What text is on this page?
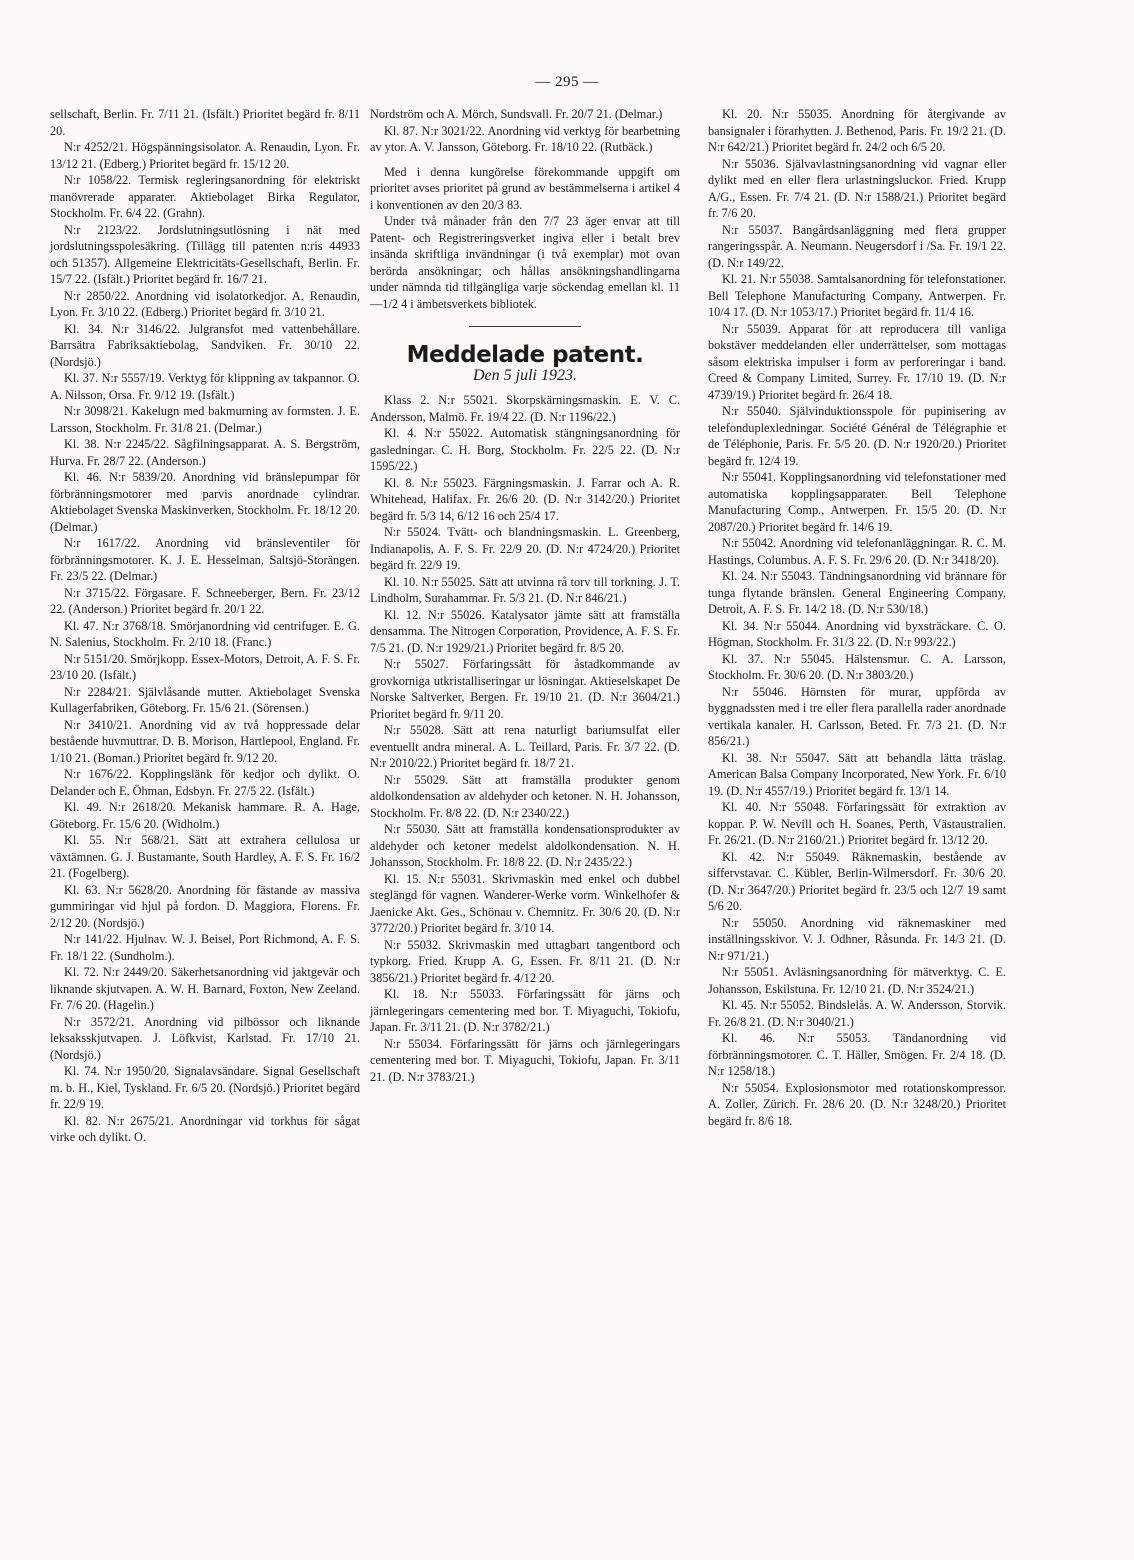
— 295 —

sellschaft, Berlin. Fr. 7/11 21. (Isfält.) Prioritet begärd fr. 8/11 20.

N:r 4252/21. Högspänningsisolator. A. Renaudin, Lyon. Fr. 13/12 21. (Edberg.) Prioritet begärd fr. 15/12 20.

N:r 1058/22. Termisk regleringsanordning för elektriskt manövrerade apparater. Aktiebolaget Birka Regulator, Stockholm. Fr. 6/4 22. (Grahn).

N:r 2123/22. Jordslutningsutlösning i nät med jordslutningsspolesäkring. (Tillägg till patenten n:ris 44933 och 51357). Allgemeine Elektricitäts-Gesellschaft, Berlin. Fr. 15/7 22. (Isfält.) Prioritet begärd fr. 16/7 21.

N:r 2850/22. Anordning vid isolatorkedjor. A. Renaudin, Lyon. Fr. 3/10 22. (Edberg.) Prioritet begärd fr. 3/10 21.

Kl. 34. N:r 3146/22. Julgransfot med vattenbehållare. Barrsätra Fabriksaktiebolag, Sandviken. Fr. 30/10 22. (Nordsjö.)

Kl. 37. N:r 5557/19. Verktyg för klippning av takpannor. O. A. Nilsson, Orsa. Fr. 9/12 19. (Isfält.)

N:r 3098/21. Kakelugn med bakmurning av formsten. J. E. Larsson, Stockholm. Fr. 31/8 21. (Delmar.)

Kl. 38. N:r 2245/22. Sågfilningsapparat. A. S. Bergström, Hurva. Fr. 28/7 22. (Anderson.)

Kl. 46. N:r 5839/20. Anordning vid bränslepumpar för förbränningsmotorer med parvis anordnade cylindrar. Aktiebolaget Svenska Maskinverken, Stockholm. Fr. 18/12 20. (Delmar.)

N:r 1617/22. Anordning vid bränsleventiler för förbränningsmotorer. K. J. E. Hesselman, Saltsjö-Storängen. Fr. 23/5 22. (Delmar.)

N:r 3715/22. Förgasare. F. Schneeberger, Bern. Fr. 23/12 22. (Anderson.) Prioritet begärd fr. 20/1 22.

Kl. 47. N:r 3768/18. Smörjanordning vid centrifuger. E. G. N. Salenius, Stockholm. Fr. 2/10 18. (Franc.)

N:r 5151/20. Smörjkopp. Essex-Motors, Detroit, A. F. S. Fr. 23/10 20. (Isfält.)

N:r 2284/21. Självlåsande mutter. Aktiebolaget Svenska Kullagerfabriken, Göteborg. Fr. 15/6 21. (Sörensen.)

N:r 3410/21. Anordning vid av två hoppressade delar bestående huvmuttrar. D. B. Morison, Hartlepool, England. Fr. 1/10 21. (Boman.) Prioritet begärd fr. 9/12 20.

N:r 1676/22. Kopplingslänk för kedjor och dylikt. O. Delander och E. Öhman, Edsbyn. Fr. 27/5 22. (Isfält.)

Kl. 49. N:r 2618/20. Mekanisk hammare. R. A. Hage, Göteborg. Fr. 15/6 20. (Widholm.)

Kl. 55. N:r 568/21. Sätt att extrahera cellulosa ur växtämnen. G. J. Bustamante, South Hardley, A. F. S. Fr. 16/2 21. (Fogelberg).

Kl. 63. N:r 5628/20. Anordning för fästande av massiva gummiringar vid hjul på fordon. D. Maggiora, Florens. Fr. 2/12 20. (Nordsjö.)

N:r 141/22. Hjulnav. W. J. Beisel, Port Richmond, A. F. S. Fr. 18/1 22. (Sundholm.).

Kl. 72. N:r 2449/20. Säkerhetsanordning vid jaktgevär och liknande skjutvapen. A. W. H. Barnard, Foxton, New Zeeland. Fr. 7/6 20. (Hagelin.)

N:r 3572/21. Anordning vid pilbössor och liknande leksaksskjutvapen. J. Löfkvist, Karlstad. Fr. 17/10 21. (Nordsjö.)

Kl. 74. N:r 1950/20. Signalavsändare. Signal Gesellschaft m. b. H., Kiel, Tyskland. Fr. 6/5 20. (Nordsjö.) Prioritet begärd fr. 22/9 19.

Kl. 82. N:r 2675/21. Anordningar vid torkhus för sågat virke och dylikt. O.

Nordström och A. Mörch, Sundsvall. Fr. 20/7 21. (Delmar.)

Kl. 87. N:r 3021/22. Anordning vid verktyg för bearbetning av ytor. A. V. Jansson, Göteborg. Fr. 18/10 22. (Rutbäck.)

Med i denna kungörelse förekommande uppgift om prioritet avses prioritet på grund av bestämmelserna i artikel 4 i konventionen av den 20/3 83.

Under två månader från den 7/7 23 äger envar att till Patent- och Registreringsverket ingiva eller i betalt brev insända skriftliga invändningar (i två exemplar) mot ovan berörda ansökningar; och hållas ansökningshandlingarna under nämnda tid tillgängliga varje söckendag emellan kl. 11—1/2 4 i ämbetsverkets bibliotek.

Meddelade patent.
Den 5 juli 1923.

Klass 2. N:r 55021. Skorpskärningsmaskin. E. V. C. Andersson, Malmö. Fr. 19/4 22. (D. N:r 1196/22.)

Kl. 4. N:r 55022. Automatisk stängningsanordning för gasledningar. C. H. Borg, Stockholm. Fr. 22/5 22. (D. N:r 1595/22.)

Kl. 8. N:r 55023. Färgningsmaskin. J. Farrar och A. R. Whitehead, Halifax. Fr. 26/6 20. (D. N:r 3142/20.) Prioritet begärd fr. 5/3 14, 6/12 16 och 25/4 17.

N:r 55024. Tvätt- och blandningsmaskin. L. Greenberg, Indianapolis, A. F. S. Fr. 22/9 20. (D. N:r 4724/20.) Prioritet begärd fr. 22/9 19.

Kl. 10. N:r 55025. Sätt att utvinna rå torv till torkning. J. T. Lindholm, Surahammar. Fr. 5/3 21. (D. N:r 846/21.)

Kl. 12. N:r 55026. Katalysator jämte sätt att framställa densamma. The Nitrogen Corporation, Providence, A. F. S. Fr. 7/5 21. (D. N:r 1929/21.) Prioritet begärd fr. 8/5 20.

N:r 55027. Förfaringssätt för åstadkommande av grovkorniga utkristalliseringar ur lösningar. Aktieselskapet De Norske Saltverker, Bergen. Fr. 19/10 21. (D. N:r 3604/21.) Prioritet begärd fr. 9/11 20.

N:r 55028. Sätt att rena naturligt bariumsulfat eller eventuellt andra mineral. A. L. Teillard, Paris. Fr. 3/7 22. (D. N:r 2010/22.) Prioritet begärd fr. 18/7 21.

N:r 55029. Sätt att framställa produkter genom aldolkondensation av aldehyder och ketoner. N. H. Johansson, Stockholm. Fr. 8/8 22. (D. N:r 2340/22.)

N:r 55030. Sätt att framställa kondensationsprodukter av aldehyder och ketoner medelst aldolkondensation. N. H. Johansson, Stockholm. Fr. 18/8 22. (D. N:r 2435/22.)

Kl. 15. N:r 55031. Skrivmaskin med enkel och dubbel steglängd för vagnen. Wanderer-Werke vorm. Winkelhofer & Jaenicke Akt. Ges., Schönau v. Chemnitz. Fr. 30/6 20. (D. N:r 3772/20.) Prioritet begärd fr. 3/10 14.

N:r 55032. Skrivmaskin med uttagbart tangentbord och typkorg. Fried. Krupp A. G, Essen. Fr. 8/11 21. (D. N:r 3856/21.) Prioritet begärd fr. 4/12 20.

Kl. 18. N:r 55033. Förfaringssätt för järns och järnlegeringars cementering med bor. T. Miyaguchi, Tokiofu, Japan. Fr. 3/11 21. (D. N:r 3782/21.)

N:r 55034. Förfaringssätt för järns och järnlegeringars cementering med bor. T. Miyaguchi, Tokiofu, Japan. Fr. 3/11 21. (D. N:r 3783/21.)

Kl. 20. N:r 55035. Anordning för återgivande av bansignaler i förarhytten. J. Bethenod, Paris. Fr. 19/2 21. (D. N:r 642/21.) Prioritet begärd fr. 24/2 och 6/5 20.

N:r 55036. Självavlastningsanordning vid vagnar eller dylikt med en eller flera urlastningsluckor. Fried. Krupp A/G., Essen. Fr. 7/4 21. (D. N:r 1588/21.) Prioritet begärd fr. 7/6 20.

N:r 55037. Bangårdsanläggning med flera grupper rangeringsspår. A. Neumann. Neugersdorf i /Sa. Fr. 19/1 22. (D. N:r 149/22.

Kl. 21. N:r 55038. Samtalsanordning för telefonstationer. Bell Telephone Manufacturing Company, Antwerpen. Fr. 10/4 17. (D. N:r 1053/17.) Prioritet begärd fr. 11/4 16.

N:r 55039. Apparat för att reproducera till vanliga bokstäver meddelanden eller underrättelser, som mottagas såsom elektriska impulser i form av perforeringar i band. Creed & Company Limited, Surrey. Fr. 17/10 19. (D. N:r 4739/19.) Prioritet begärd fr. 26/4 18.

N:r 55040. Självinduktionsspole för pupinisering av telefonduplexledningar. Société Général de Télégraphie et de Téléphonie, Paris. Fr. 5/5 20. (D. N:r 1920/20.) Prioritet begärd fr. 12/4 19.

N:r 55041. Kopplingsanordning vid telefonstationer med automatiska kopplingsapparater. Bell Telephone Manufacturing Comp., Antwerpen. Fr. 15/5 20. (D. N:r 2087/20.) Prioritet begärd fr. 14/6 19.

N:r 55042. Anordning vid telefonanläggningar. R. C. M. Hastings, Columbus. A. F. S. Fr. 29/6 20. (D. N:r 3418/20).

Kl. 24. N:r 55043. Tändningsanordning vid brännare för tunga flytande bränslen. General Engineering Company, Detroit, A. F. S. Fr. 14/2 18. (D. N:r 530/18.)

Kl. 34. N:r 55044. Anordning vid byxsträckare. C. O. Högman, Stockholm. Fr. 31/3 22. (D. N:r 993/22.)

Kl. 37. N:r 55045. Hälstensmur. C. A. Larsson, Stockholm. Fr. 30/6 20. (D. N:r 3803/20.)

N:r 55046. Hörnsten för murar, uppförda av byggnadssten med i tre eller flera parallella rader anordnade vertikala kanaler. H. Carlsson, Beted. Fr. 7/3 21. (D. N:r 856/21.)

Kl. 38. N:r 55047. Sätt att behandla lätta träslag. American Balsa Company Incorporated, New York. Fr. 6/10 19. (D. N:r 4557/19.) Prioritet begärd fr. 13/1 14.

Kl. 40. N:r 55048. Förfaringssätt för extraktion av koppar. P. W. Nevill och H. Soanes, Perth, Västaustralien. Fr. 26/21. (D. N:r 2160/21.) Prioritet begärd fr. 13/12 20.

Kl. 42. N:r 55049. Räknemaskin, bestående av siffervstavar. C. Kübler, Berlin-Wilmersdorf. Fr. 30/6 20. (D. N:r 3647/20.) Prioritet begärd fr. 23/5 och 12/7 19 samt 5/6 20.

N:r 55050. Anordning vid räknemaskiner med inställningsskivor. V. J. Odhner, Råsunda. Fr. 14/3 21. (D. N:r 971/21.)

N:r 55051. Avläsningsanordning för mätverktyg. C. E. Johansson, Eskilstuna. Fr. 12/10 21. (D. N:r 3524/21.)

Kl. 45. N:r 55052. Bindslelås. A. W. Andersson, Storvik. Fr. 26/8 21. (D. N:r 3040/21.)

Kl. 46. N:r 55053. Tändanordning vid förbränningsmotorer. C. T. Häller, Smögen. Fr. 2/4 18. (D. N:r 1258/18.)

N:r 55054. Explosionsmotor med rotationskompressor. A. Zoller, Zürich. Fr. 28/6 20. (D. N:r 3248/20.) Prioritet begärd fr. 8/6 18.
